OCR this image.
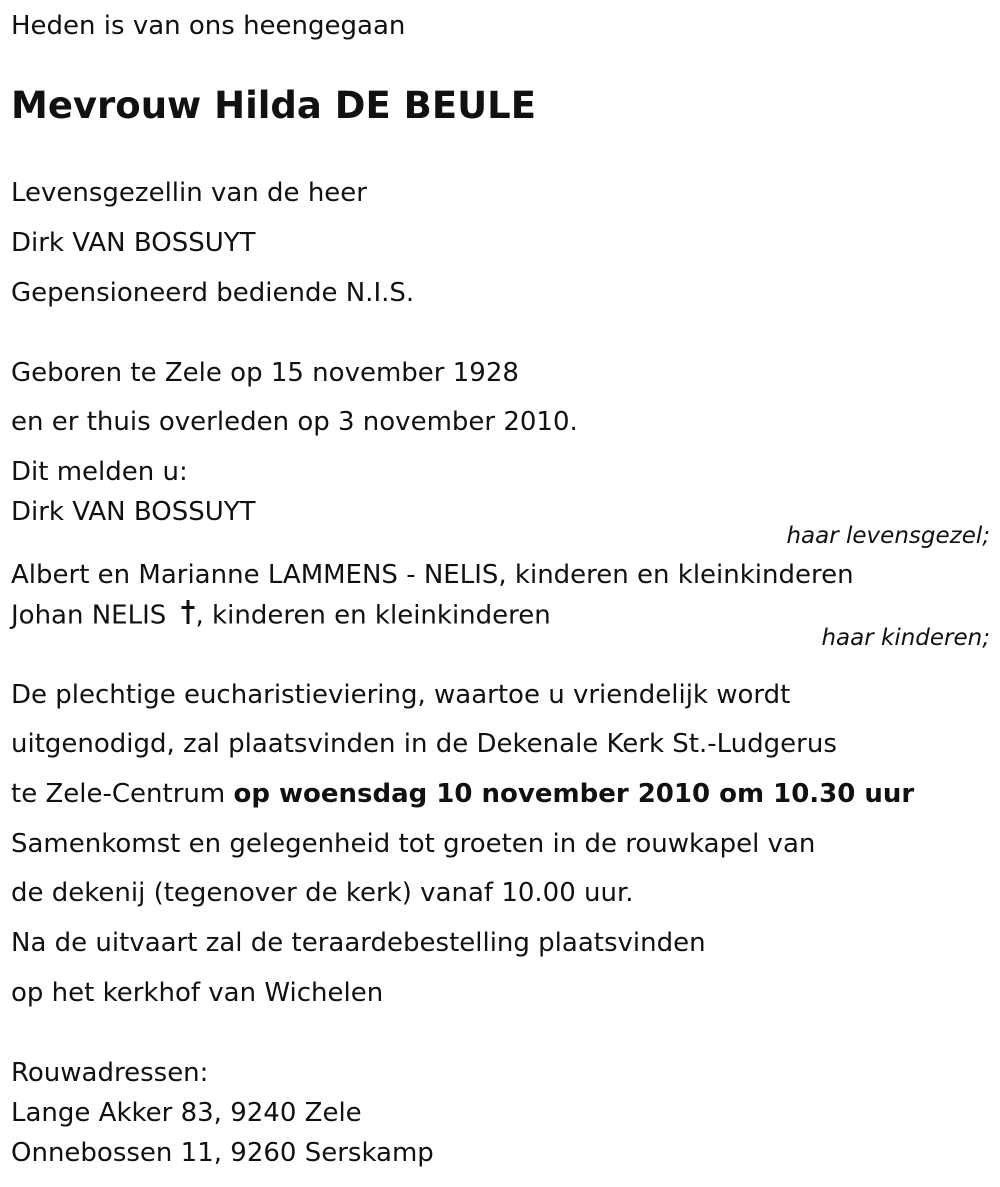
Heden is van ons heengegaan
Mevrouw Hilda DE BEULE
Levensgezellin van de heer
Dirk VAN BOSSUYT
Gepensioneerd bediende N.I.S.
Geboren te Zele op 15 november 1928
en er thuis overleden op 3 november 2010.
Dit melden u:
Dirk VAN BOSSUYT
haar levensgezel;
Albert en Marianne LAMMENS - NELIS, kinderen en kleinkinderen
Johan NELIS , kinderen en kleinkinderen
haar kinderen;
De plechtige eucharistieviering, waartoe u vriendelijk wordt
uitgenodigd, zal plaatsvinden in de Dekenale Kerk St.-Ludgerus
te Zele-Centrum op woensdag 10 november 2010 om 10.30 uur
Samenkomst en gelegenheid tot groeten in de rouwkapel van
de dekenij (tegenover de kerk) vanaf 10.00 uur.
Na de uitvaart zal de teraardebestelling plaatsvinden
op het kerkhof van Wichelen
Rouwadressen:
Lange Akker 83, 9240 Zele
Onnebossen 11, 9260 Serskamp
